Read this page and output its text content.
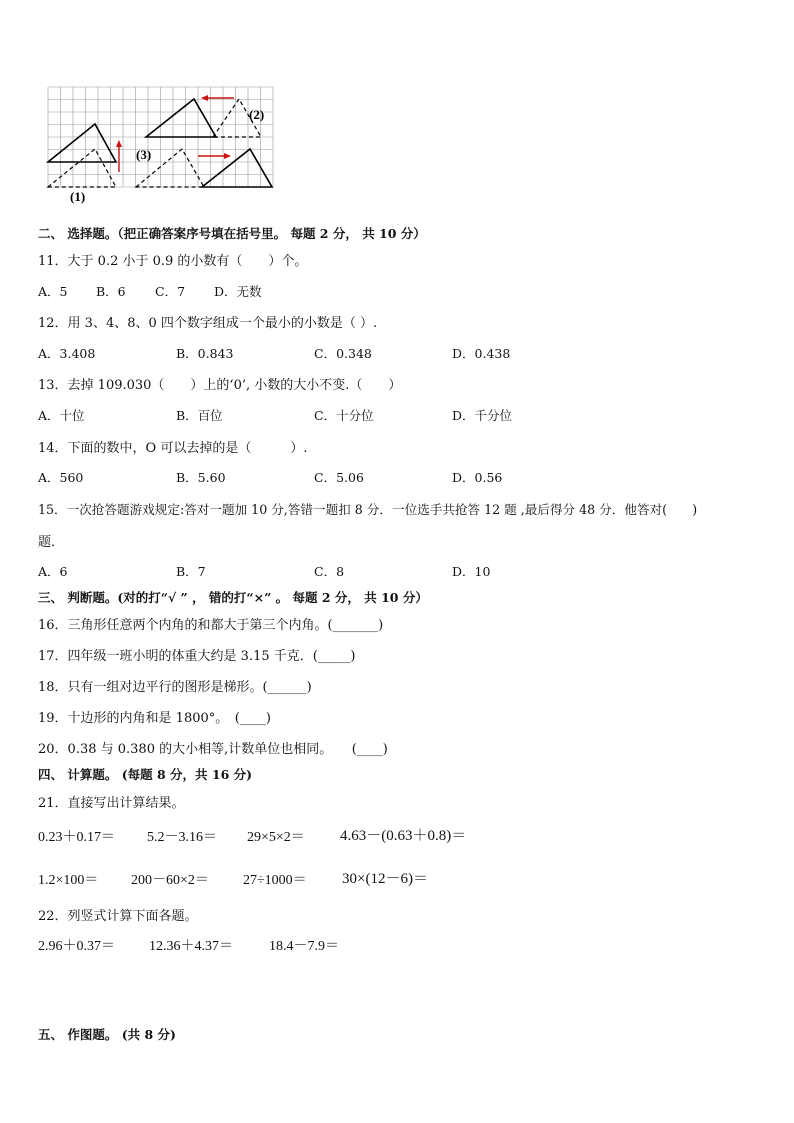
(1)
(2)
(3)
二、 选择题。（把正确答案序号填在括号里。 每题 2 分， 共 10 分）
11．大于 0.2 小于 0.9 的小数有（　　）个。
A．5 B．6 C．7 D．无数
12．用 3、4、8、0 四个数字组成一个最小的小数是（ ）.
A．3.408	B．0.843	C．0.348	D．0.438
13．去掉 109.030（　　）上的‘0’, 小数的大小不变.（　　）
A．十位	B．百位	C．十分位	D．千分位
14．下面的数中，O 可以去掉的是（　　　）.
A．560	B．5.60	C．5.06	D．0.56
15．一次抢答题游戏规定:答对一题加 10 分,答错一题扣 8 分．一位选手共抢答 12 题 ,最后得分 48 分．他答对(　　)
题．
A．6	B．7	C．8	D．10
三、 判断题。(对的打“√ ” ， 错的打“×” 。 每题 2 分， 共 10 分）
16．三角形任意两个内角的和都大于第三个内角。(_______)
17．四年级一班小明的体重大约是 3.15 千克．(_____)
18．只有一组对边平行的图形是梯形。(______)
19．十边形的内角和是 1800°。　(____)
20．0.38 与 0.380 的大小相等,计数单位也相同。　　(____)
四、 计算题。 (每题 8 分，共 16 分)
21．直接写出计算结果。
0.23＋0.17＝ 5.2－3.16＝ 29×5×2＝ 4.63－(0.63＋0.8)＝
1.2×100＝ 200－60×2＝ 27÷1000＝ 30×(12－6)＝
22．列竖式计算下面各题。
2.96＋0.37＝ 12.36＋4.37＝	18.4－7.9＝
五、 作图题。 (共 8 分)
